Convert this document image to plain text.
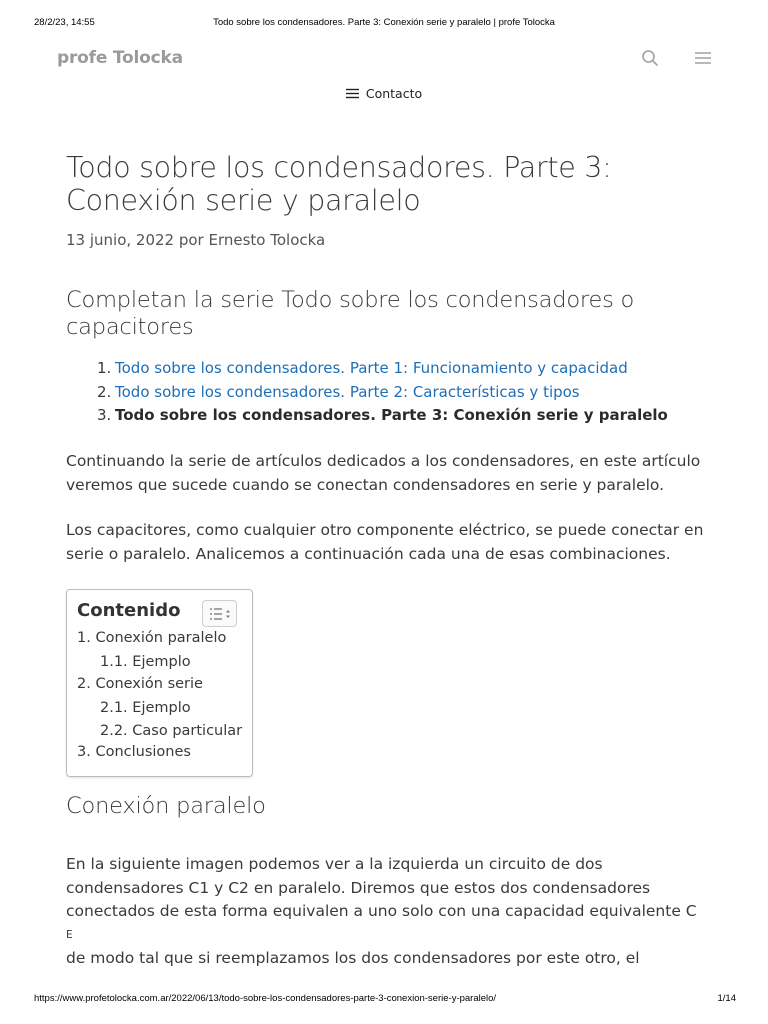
28/2/23, 14:55	Todo sobre los condensadores. Parte 3: Conexión serie y paralelo | profe Tolocka
profe Tolocka
Contacto
Todo sobre los condensadores. Parte 3:
Conexión serie y paralelo
13 junio, 2022 por Ernesto Tolocka
Completan la serie Todo sobre los condensadores o
capacitores
1. Todo sobre los condensadores. Parte 1: Funcionamiento y capacidad
2. Todo sobre los condensadores. Parte 2: Características y tipos
3. Todo sobre los condensadores. Parte 3: Conexión serie y paralelo

Continuando la serie de artículos dedicados a los condensadores, en este artículo
veremos que sucede cuando se conectan condensadores en serie y paralelo.

Los capacitores, como cualquier otro componente eléctrico, se puede conectar en
serie o paralelo. Analicemos a continuación cada una de esas combinaciones.

Contenido
1. Conexión paralelo
1.1. Ejemplo
2. Conexión serie
2.1. Ejemplo
2.2. Caso particular
3. Conclusiones
Conexión paralelo

En la siguiente imagen podemos ver a la izquierda un circuito de dos
condensadores C1 y C2 en paralelo. Diremos que estos dos condensadores
conectados de esta forma equivalen a uno solo con una capacidad equivalente C
E
de modo tal que si reemplazamos los dos condensadores por este otro, el

https://www.profetolocka.com.ar/2022/06/13/todo-sobre-los-condensadores-parte-3-conexion-serie-y-paralelo/	1/14
